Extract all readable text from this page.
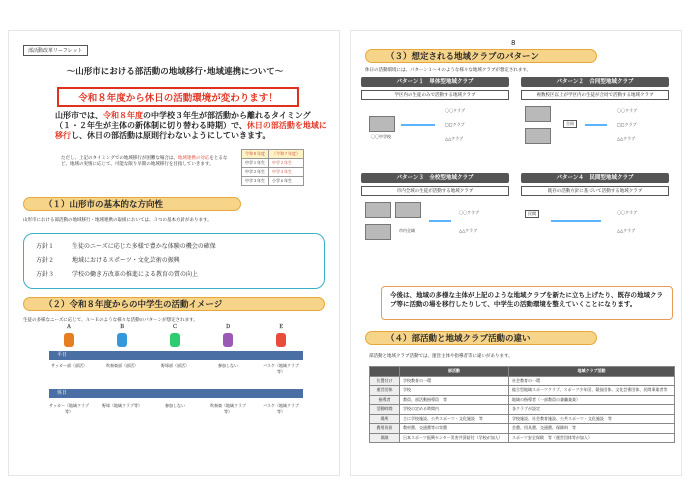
部活動改革リーフレット
～山形市における部活動の地域移行･地域連携について～
令和８年度から休日の活動環境が変わります！
山形市では、令和８年度の中学校３年生が部活動から離れるタイミング（１・２年生が主体の新体制に切り替わる時期）で、休日の部活動を地域に移行し、休日の部活動は原則行わないようにしていきます。
ただし、上記のタイミングでの地域移行が困難な場合は、地域連携の対応をとるなど、地域の実情に応じて、可能な限り早期の地域移行を目指していきます。
令和８年度	（令和７年度）
中学１年生	中学２年生
中学２年生	中学３年生
中学３年生	小学６年生
（１）山形市の基本的な方向性
山形市における部活動の地域移行・地域連携の取組においては、３つの基本方針があります。
方針１	生徒のニーズに応じた多様で豊かな体験の機会の確保
方針２	地域におけるスポーツ・文化芸術の振興
方針３	学校の働き方改革の推進による教育の質の向上
（２）令和８年度からの中学生の活動イメージ
生徒の多様なニーズに応じて、Ａ～Ｅのような様々な活動のパターンが想定されます。
Ａ	Ｂ	Ｃ	Ｄ	Ｅ
平日
サッカー部（部活）	吹奏楽部（部活）	野球部（部活）	参加しない	バスケ（地域クラブ等）
休日
サッカー（地域クラブ等）
野球（地域クラブ等）	参加しない	吹奏楽（地域クラブ等）
バスケ（地域クラブ等）
8
（３）想定される地域クラブのパターン
休日の活動環境には、パターン１～４のような様々な地域クラブが想定されます。
パターン１　単体型地域クラブ
学区内の生徒のみで活動する地域クラブ
〇〇中学校
〇〇クラブ
□□クラブ
△△クラブ
パターン２　合同型地域クラブ
複数校区以上が学区内の生徒が合同で活動する地域クラブ
合同
〇〇クラブ
□□クラブ
△△クラブ
パターン３　全校型地域クラブ
市内全域の生徒が活動する地域クラブ
市内全域
〇〇クラブ
△△クラブ
パターン４　民間型地域クラブ
既存の活動方針に基づいて活動する地域クラブ
民間	〇〇クラブ
△△クラブ
今後は、地域の多様な主体が上記のような地域クラブを新たに立ち上げたり、既存の地域クラブ等に活動の場を移行したりして、中学生の活動環境を整えていくことになります。
（４）部活動と地域クラブ活動の違い
部活動と地域クラブ活動では、運営主体や指導者等に違いがあります。
	部活動	地域クラブ活動
位置付け	学校教育の一環	社会教育の一環
運営団体	学校	総合型地域スポーツクラブ、スポーツ少年団、競技団体、文化芸術団体、民間事業者等
指導者	教員、部活動指導員　等	地域の指導者（一部教員の兼職兼業）
活動時間	学校の定める時間内	各クラブが設定
場所	主に学校施設、公共スポーツ・文化施設　等	学校施設、社会教育施設、公共スポーツ・文化施設　等
費用負担	教材費、交通費等の実費	会費、用具費、交通費、保険料　等
保険	日本スポーツ振興センター災害共済給付（学校が加入）	スポーツ安全保険　等（運営団体等が加入）
